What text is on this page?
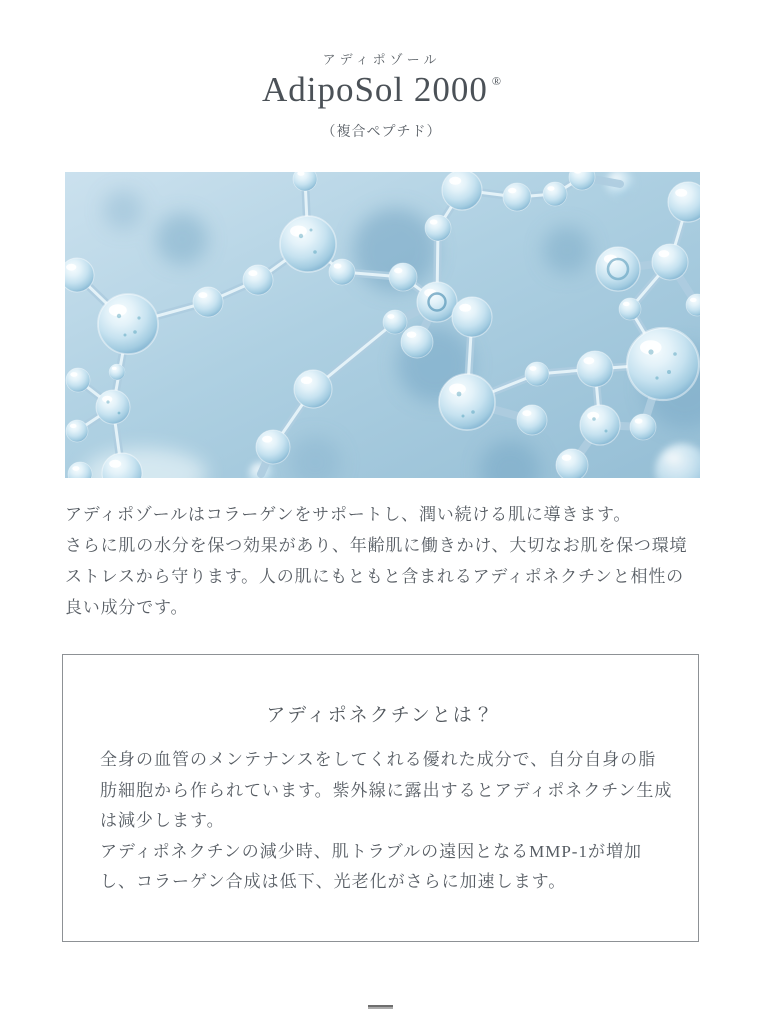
アディポゾール
AdipoSol 2000 ®
（複合ペプチド）
アディポゾールはコラーゲンをサポートし、潤い続ける肌に導きます。
さらに肌の水分を保つ効果があり、年齢肌に働きかけ、大切なお肌を保つ環境
ストレスから守ります。人の肌にもともと含まれるアディポネクチンと相性の
良い成分です。
アディポネクチンとは？
全身の血管のメンテナンスをしてくれる優れた成分で、自分自身の脂
肪細胞から作られています。紫外線に露出するとアディポネクチン生成
は減少します。
アディポネクチンの減少時、肌トラブルの遠因となるMMP-1が増加
し、コラーゲン合成は低下、光老化がさらに加速します。
